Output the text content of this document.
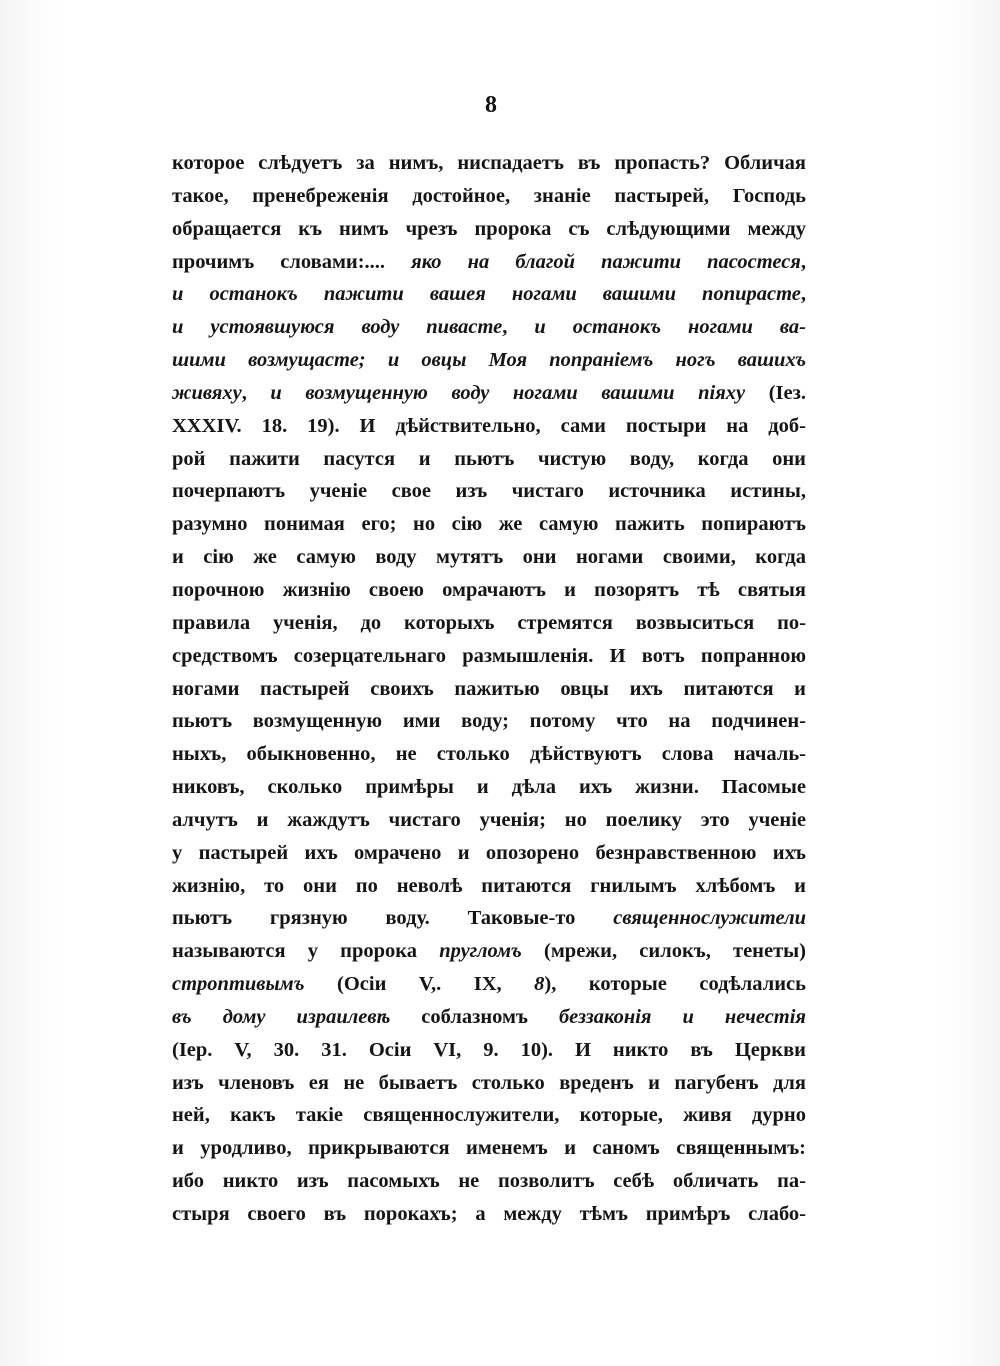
8
которое слѣдуетъ за нимъ, ниспадаетъ въ пропасть? Обличая
такое, пренебреженія достойное, знаніе пастырей, Господь
обращается къ нимъ чрезъ пророка съ слѣдующими между
прочимъ словами:.... яко на благой пажити пасостеся,
и останокъ пажити вашея ногами вашими попирасте,
и устоявшуюся воду пивасте, и останокъ ногами ва-
шими возмущасте; и овцы Моя попраніемъ ногъ вашихъ
живяху, и возмущенную воду ногами вашими піяху (Іез.
XXXIV. 18. 19). И дѣйствительно, сами постыри на доб-
рой пажити пасутся и пьютъ чистую воду, когда они
почерпаютъ ученіе свое изъ чистаго источника истины,
разумно понимая его; но сію же самую пажить попираютъ
и сію же самую воду мутятъ они ногами своими, когда
порочною жизнію своею омрачаютъ и позорятъ тѣ святыя
правила ученія, до которыхъ стремятся возвыситься по-
средствомъ созерцательнаго размышленія. И вотъ попранною
ногами пастырей своихъ пажитью овцы ихъ питаются и
пьютъ возмущенную ими воду; потому что на подчинен-
ныхъ, обыкновенно, не столько дѣйствуютъ слова началь-
никовъ, сколько примѣры и дѣла ихъ жизни. Пасомые
алчутъ и жаждутъ чистаго ученія; но поелику это ученіе
у пастырей ихъ омрачено и опозорено безнравственною ихъ
жизнію, то они по неволѣ питаются гнилымъ хлѣбомъ и
пьютъ грязную воду. Таковые-то священнослужители
называются у пророка пругломъ (мрежи, силокъ, тенеты)
строптивымъ (Осіи V,. IX, 8), которые содѣлались
въ дому израилевѣ соблазномъ беззаконія и нечестія
(Іер. V, 30. 31. Осіи VI, 9. 10). И никто въ Церкви
изъ членовъ ея не бываетъ столько вреденъ и пагубенъ для
ней, какъ такіе священнослужители, которые, живя дурно
и уродливо, прикрываются именемъ и саномъ священнымъ:
ибо никто изъ пасомыхъ не позволитъ себѣ обличать па-
стыря своего въ порокахъ; а между тѣмъ примѣръ слабо-
